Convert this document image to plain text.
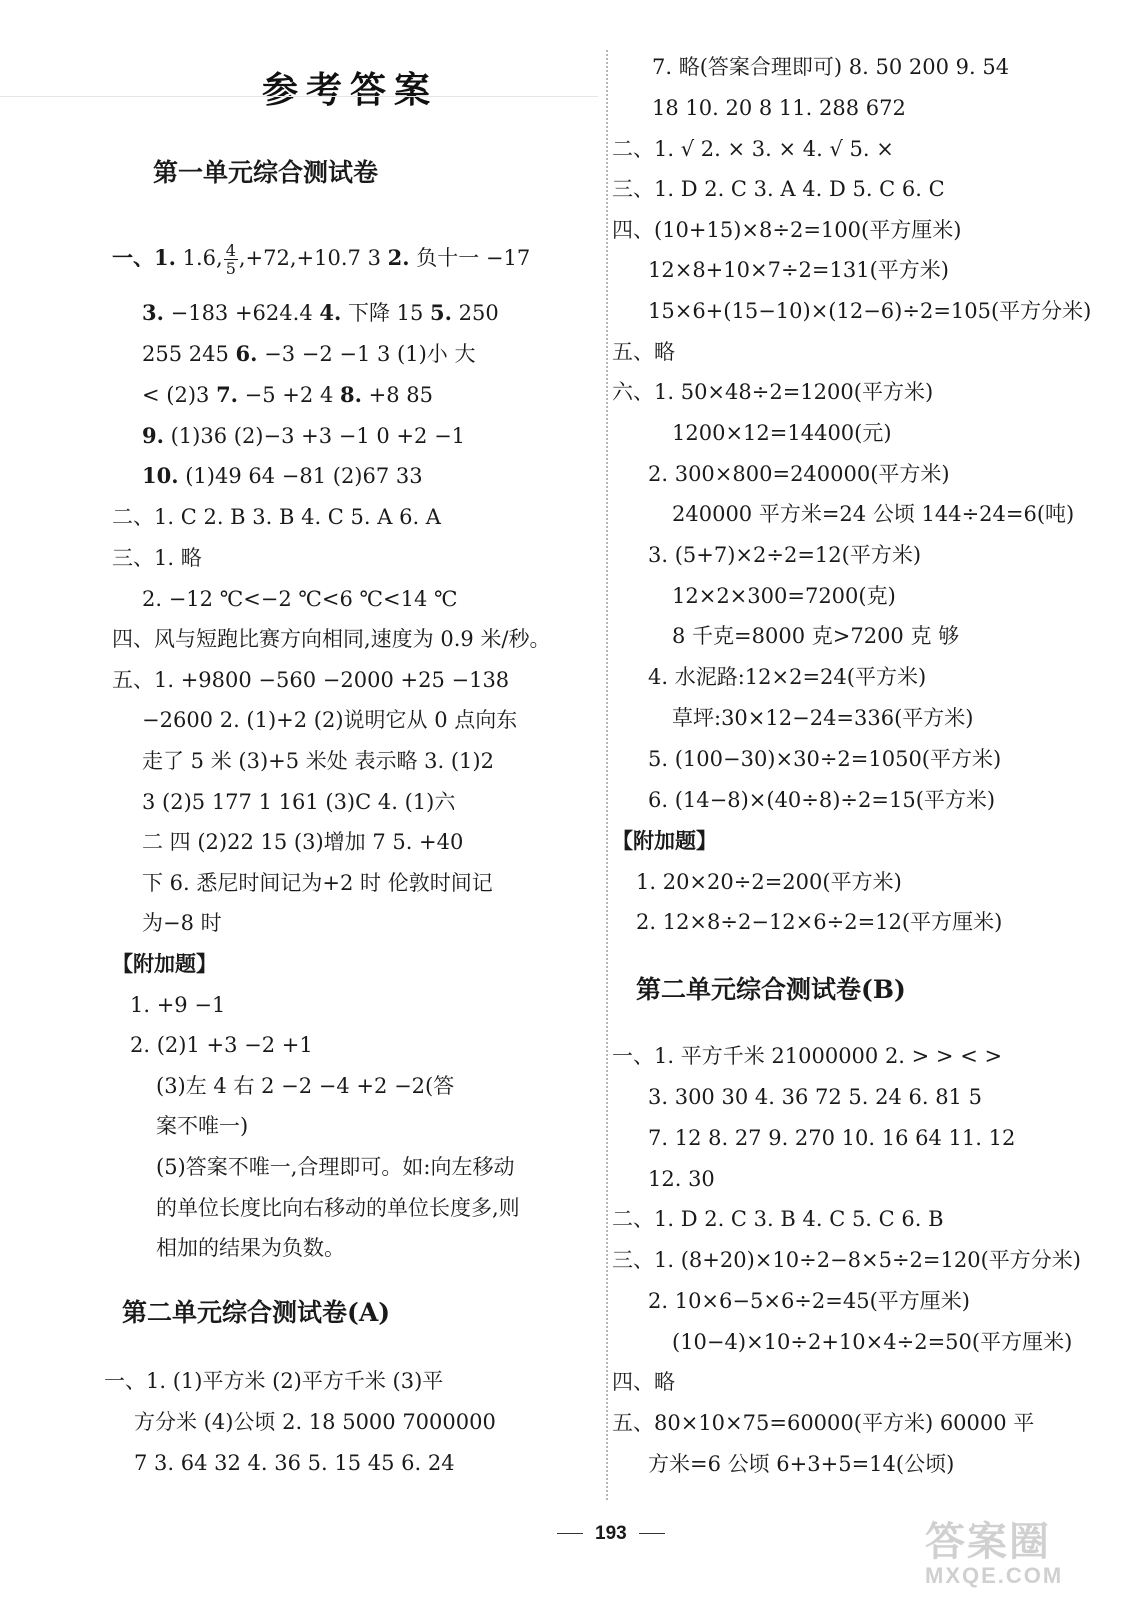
参考答案
第一单元综合测试卷
一、1. 1.6, $\frac{4}{5} ,+72,+10.7$ 3 2. 负十一 −17
3. −183 +624.4 4. 下降 15 5. 250
255 245 6. −3 −2 −1 3 (1)小 大
< (2)3 7. −5 +2 4 8. +8 85
9. (1)36 (2)−3 +3 −1 0 +2 −1
10. (1)49 64 −81 (2)67 33
二、1. C 2. B 3. B 4. C 5. A 6. A
三、1. 略
2. −12 ℃<−2 ℃<6 ℃<14 ℃
四、风与短跑比赛方向相同,速度为 0.9 米/秒。
五、1. +9800 −560 −2000 +25 −138
−2600 2. (1)+2 (2)说明它从 0 点向东
走了 5 米 (3)+5 米处 表示略 3. (1)2
3 (2)5 177 1 161 (3)C 4. (1)六
二 四 (2)22 15 (3)增加 7 5. +40
下 6. 悉尼时间记为+2 时 伦敦时间记
为−8 时
【附加题】
1. +9 −1
2. (2)1 +3 −2 +1
(3)左 4 右 2 −2 −4 +2 −2(答
案不唯一)
(5)答案不唯一,合理即可。如:向左移动
的单位长度比向右移动的单位长度多,则
相加的结果为负数。
第二单元综合测试卷(A)
一、1. (1)平方米 (2)平方千米 (3)平
方分米 (4)公顷 2. 18 5000 7000000
7 3. 64 32 4. 36 5. 15 45 6. 24
7. 略(答案合理即可) 8. 50 200 9. 54
18 10. 20 8 11. 288 672
二、1. √ 2. × 3. × 4. √ 5. ×
三、1. D 2. C 3. A 4. D 5. C 6. C
四、(10+15)×8÷2=100(平方厘米)
12×8+10×7÷2=131(平方米)
15×6+(15−10)×(12−6)÷2=105(平方分米)
五、略
六、1. 50×48÷2=1200(平方米)
1200×12=14400(元)
2. 300×800=240000(平方米)
240000 平方米=24 公顷 144÷24=6(吨)
3. (5+7)×2÷2=12(平方米)
12×2×300=7200(克)
8 千克=8000 克>7200 克 够
4. 水泥路:12×2=24(平方米)
草坪:30×12−24=336(平方米)
5. (100−30)×30÷2=1050(平方米)
6. (14−8)×(40÷8)÷2=15(平方米)
【附加题】
1. 20×20÷2=200(平方米)
2. 12×8÷2−12×6÷2=12(平方厘米)
第二单元综合测试卷(B)
一、1. 平方千米 21000000 2. > > < >
3. 300 30 4. 36 72 5. 24 6. 81 5
7. 12 8. 27 9. 270 10. 16 64 11. 12
12. 30
二、1. D 2. C 3. B 4. C 5. C 6. B
三、1. (8+20)×10÷2−8×5÷2=120(平方分米)
2. 10×6−5×6÷2=45(平方厘米)
(10−4)×10÷2+10×4÷2=50(平方厘米)
四、略
五、80×10×75=60000(平方米) 60000 平
方米=6 公顷 6+3+5=14(公顷)
193	答案圈
MXQE.COM
